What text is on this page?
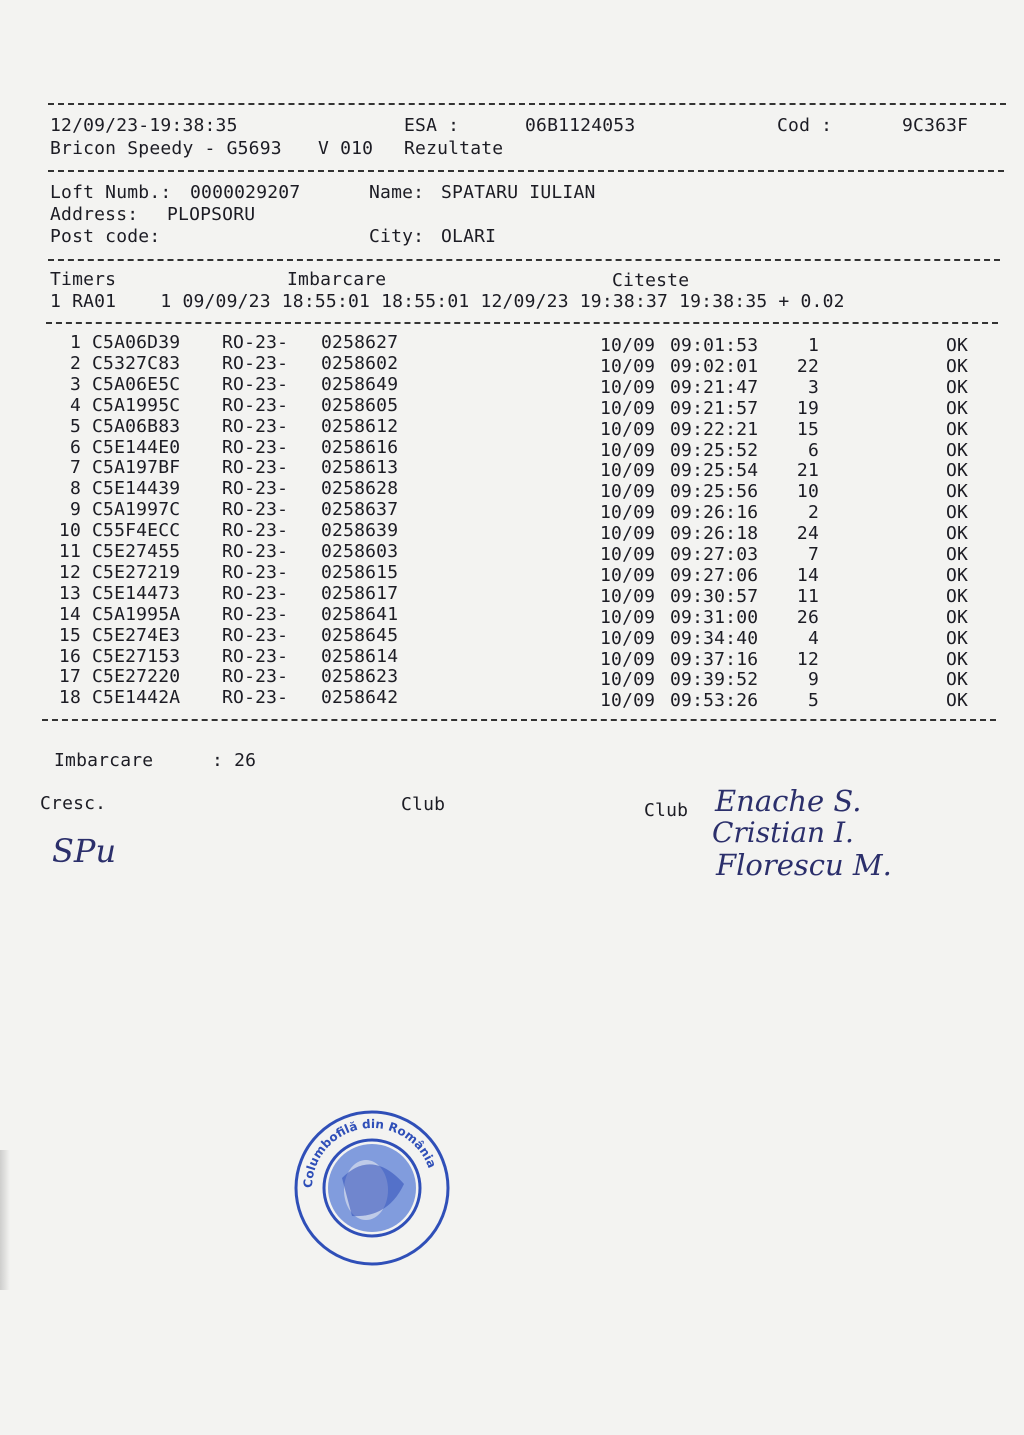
12/09/23-19:38:35	ESA :	06B1124053	Cod :	9C363F
Bricon Speedy - G5693 V 010 Rezultate
Loft Numb.: 0000029207	Name: SPATARU IULIAN
Address: PLOPSORU
Post code:	City: OLARI
Timers	Imbarcare	Citeste
1 RA01    1 09/09/23 18:55:01 18:55:01 12/09/23 19:38:37 19:38:35 + 0.02
1 C5A06D39 RO-23- 0258627	10/09 09:01:53	1	OK
2 C5327C83 RO-23- 0258602	10/09 09:02:01 22	OK
3 C5A06E5C RO-23- 0258649	10/09 09:21:47	3	OK
4 C5A1995C RO-23- 0258605	10/09 09:21:57 19	OK
5 C5A06B83 RO-23- 0258612	10/09 09:22:21 15	OK
6 C5E144E0 RO-23- 0258616	10/09 09:25:52	6	OK
7 C5A197BF RO-23- 0258613	10/09 09:25:54 21	OK
8 C5E14439 RO-23- 0258628	10/09 09:25:56 10	OK
9 C5A1997C RO-23- 0258637	10/09 09:26:16	2	OK
10 C55F4ECC RO-23- 0258639	10/09 09:26:18 24	OK
11 C5E27455 RO-23- 0258603	10/09 09:27:03	7	OK
12 C5E27219 RO-23- 0258615	10/09 09:27:06 14	OK
13 C5E14473 RO-23- 0258617	10/09 09:30:57 11	OK
14 C5A1995A RO-23- 0258641	10/09 09:31:00 26	OK
15 C5E274E3 RO-23- 0258645	10/09 09:34:40	4	OK
16 C5E27153 RO-23- 0258614	10/09 09:37:16 12	OK
17 C5E27220 RO-23- 0258623	10/09 09:39:52	9	OK
18 C5E1442A RO-23- 0258642	10/09 09:53:26	5	OK
Imbarcare	: 26
Cresc.	Club	Club
SPu
Enache S.
Cristian I.
Florescu M.
Columbofilă din România
